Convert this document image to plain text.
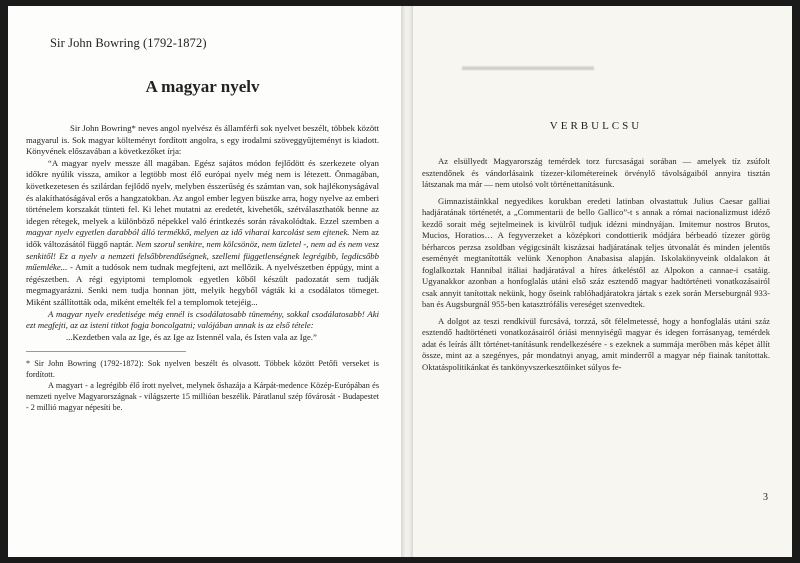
Sir John Bowring (1792-1872)
A magyar nyelv

Sir John Bowring* neves angol nyelvész és államférfi sok nyelvet beszélt, többek között magyarul is. Sok magyar költeményt fordított angolra, s egy irodalmi szöveggyűjteményt is kiadott. Könyvének előszavában a következőket írja:

“A magyar nyelv messze áll magában. Egész sajátos módon fejlődött és szerkezete olyan időkre nyúlik vissza, amikor a legtöbb most élő európai nyelv még nem is létezett. Önmagában, következetesen és szilárdan fejlődő nyelv, melyben ésszerűség és számtan van, sok hajlékonyságával és alakíthatóságával erős a hangzatokban. Az angol ember legyen büszke arra, hogy nyelve az emberi történelem korszakát tünteti fel. Ki lehet mutatni az eredetét, kivehetők, szétválaszthatók benne az idegen rétegek, melyek a különböző népekkel való érintkezés során rávakolódtak. Ezzel szemben a magyar nyelv egyetlen darabból álló termékkő, melyen az idő viharai karcolást sem ejtenek. Nem az idők változásától függő naptár. Nem szorul senkire, nem kölcsönöz, nem üzletel -, nem ad és nem vesz senkitől! Ez a nyelv a nemzeti felsőbbrendűségnek, szellemi függetlenségnek legrégibb, legdicsőbb műemléke... - Amit a tudósok nem tudnak megfejteni, azt mellőzik. A nyelvészetben éppúgy, mint a régészetben. A régi egyiptomi templomok egyetlen kőből készült padozatát sem tudják megmagyarázni. Senki nem tudja honnan jött, melyik hegyből vágták ki a csodálatos tömeget. Miként szállították oda, miként emelték fel a templomok tetejéig...

A magyar nyelv eredetisége még ennél is csodálatosabb tünemény, sokkal csodálatosabb! Aki ezt megfejti, az az isteni titkot fogja boncolgatni; valójában annak is az első tétele:

...Kezdetben vala az Ige, és az Ige az Istennél vala, és Isten vala az Ige.”

* Sir John Bowring (1792-1872): Sok nyelven beszélt és olvasott. Többek között Petőfi verseket is fordított.

A magyart - a legrégibb élő írott nyelvet, melynek őshazája a Kárpát-medence Közép-Európában és nemzeti nyelve Magyarországnak - világszerte 15 millióan beszélik. Páratlanul szép fővárosát - Budapestet - 2 millió magyar népesíti be.

▬▬▬▬▬▬▬▬▬▬▬
VERBULCSU

Az elsüllyedt Magyarország temérdek torz furcsaságai sorában — amelyek tíz zsúfolt esztendőnek és vándorlásaink tízezer-kilométereinek örvénylő távolságaiból annyira tisztán látszanak ma már — nem utolsó volt történettanításunk.

Gimnazistáinkkal negyedikes korukban eredeti latinban olvastattuk Julius Caesar galliai hadjáratának történetét, a „Commentarii de bello Gallico”-t s annak a római nacionalizmust idéző kezdő sorait még sejtelmeinek is kivülről tudjuk idézni mindnyájan. Imitemur nostros Brutos, Mucios, Horatios… A fegyverzeket a középkori condottierik módjára bérbeadó tízezer görög bérharcos perzsa zsoldban végigcsinált kiszázsai hadjáratának teljes útvonalát és minden jelentős eseményét megtanították velünk Xenophon Anabasisa alapján. Iskolakönyveink oldalakon át foglalkoztak Hannibal itáliai hadjáratával a híres átkeléstől az Alpokon a cannae-i csatáig. Ugyanakkor azonban a honfoglalás utáni első száz esztendő magyar hadtörténeti vonatkozásairól csak annyit tanítottak nekünk, hogy őseink rablóhadjáratokra jártak s ezek során Merseburgnál 933-ban és Augsburgnál 955-ben katasztrófális vereséget szenvedtek.

A dolgot az teszi rendkívül furcsává, torzzá, sőt félelmetessé, hogy a honfoglalás utáni száz esztendő hadtörténeti vonatkozásairól óriási mennyiségű magyar és idegen forrásanyag, temérdek adat és leírás állt történet-tanításunk rendelkezésére - s ezeknek a summája merőben más képet állít össze, mint az a szegényes, pár mondatnyi anyag, amit minderről a magyar nép fiainak tanítottak. Oktatáspolitikánkat és tankönyvszerkesztőinket súlyos fe-

3
